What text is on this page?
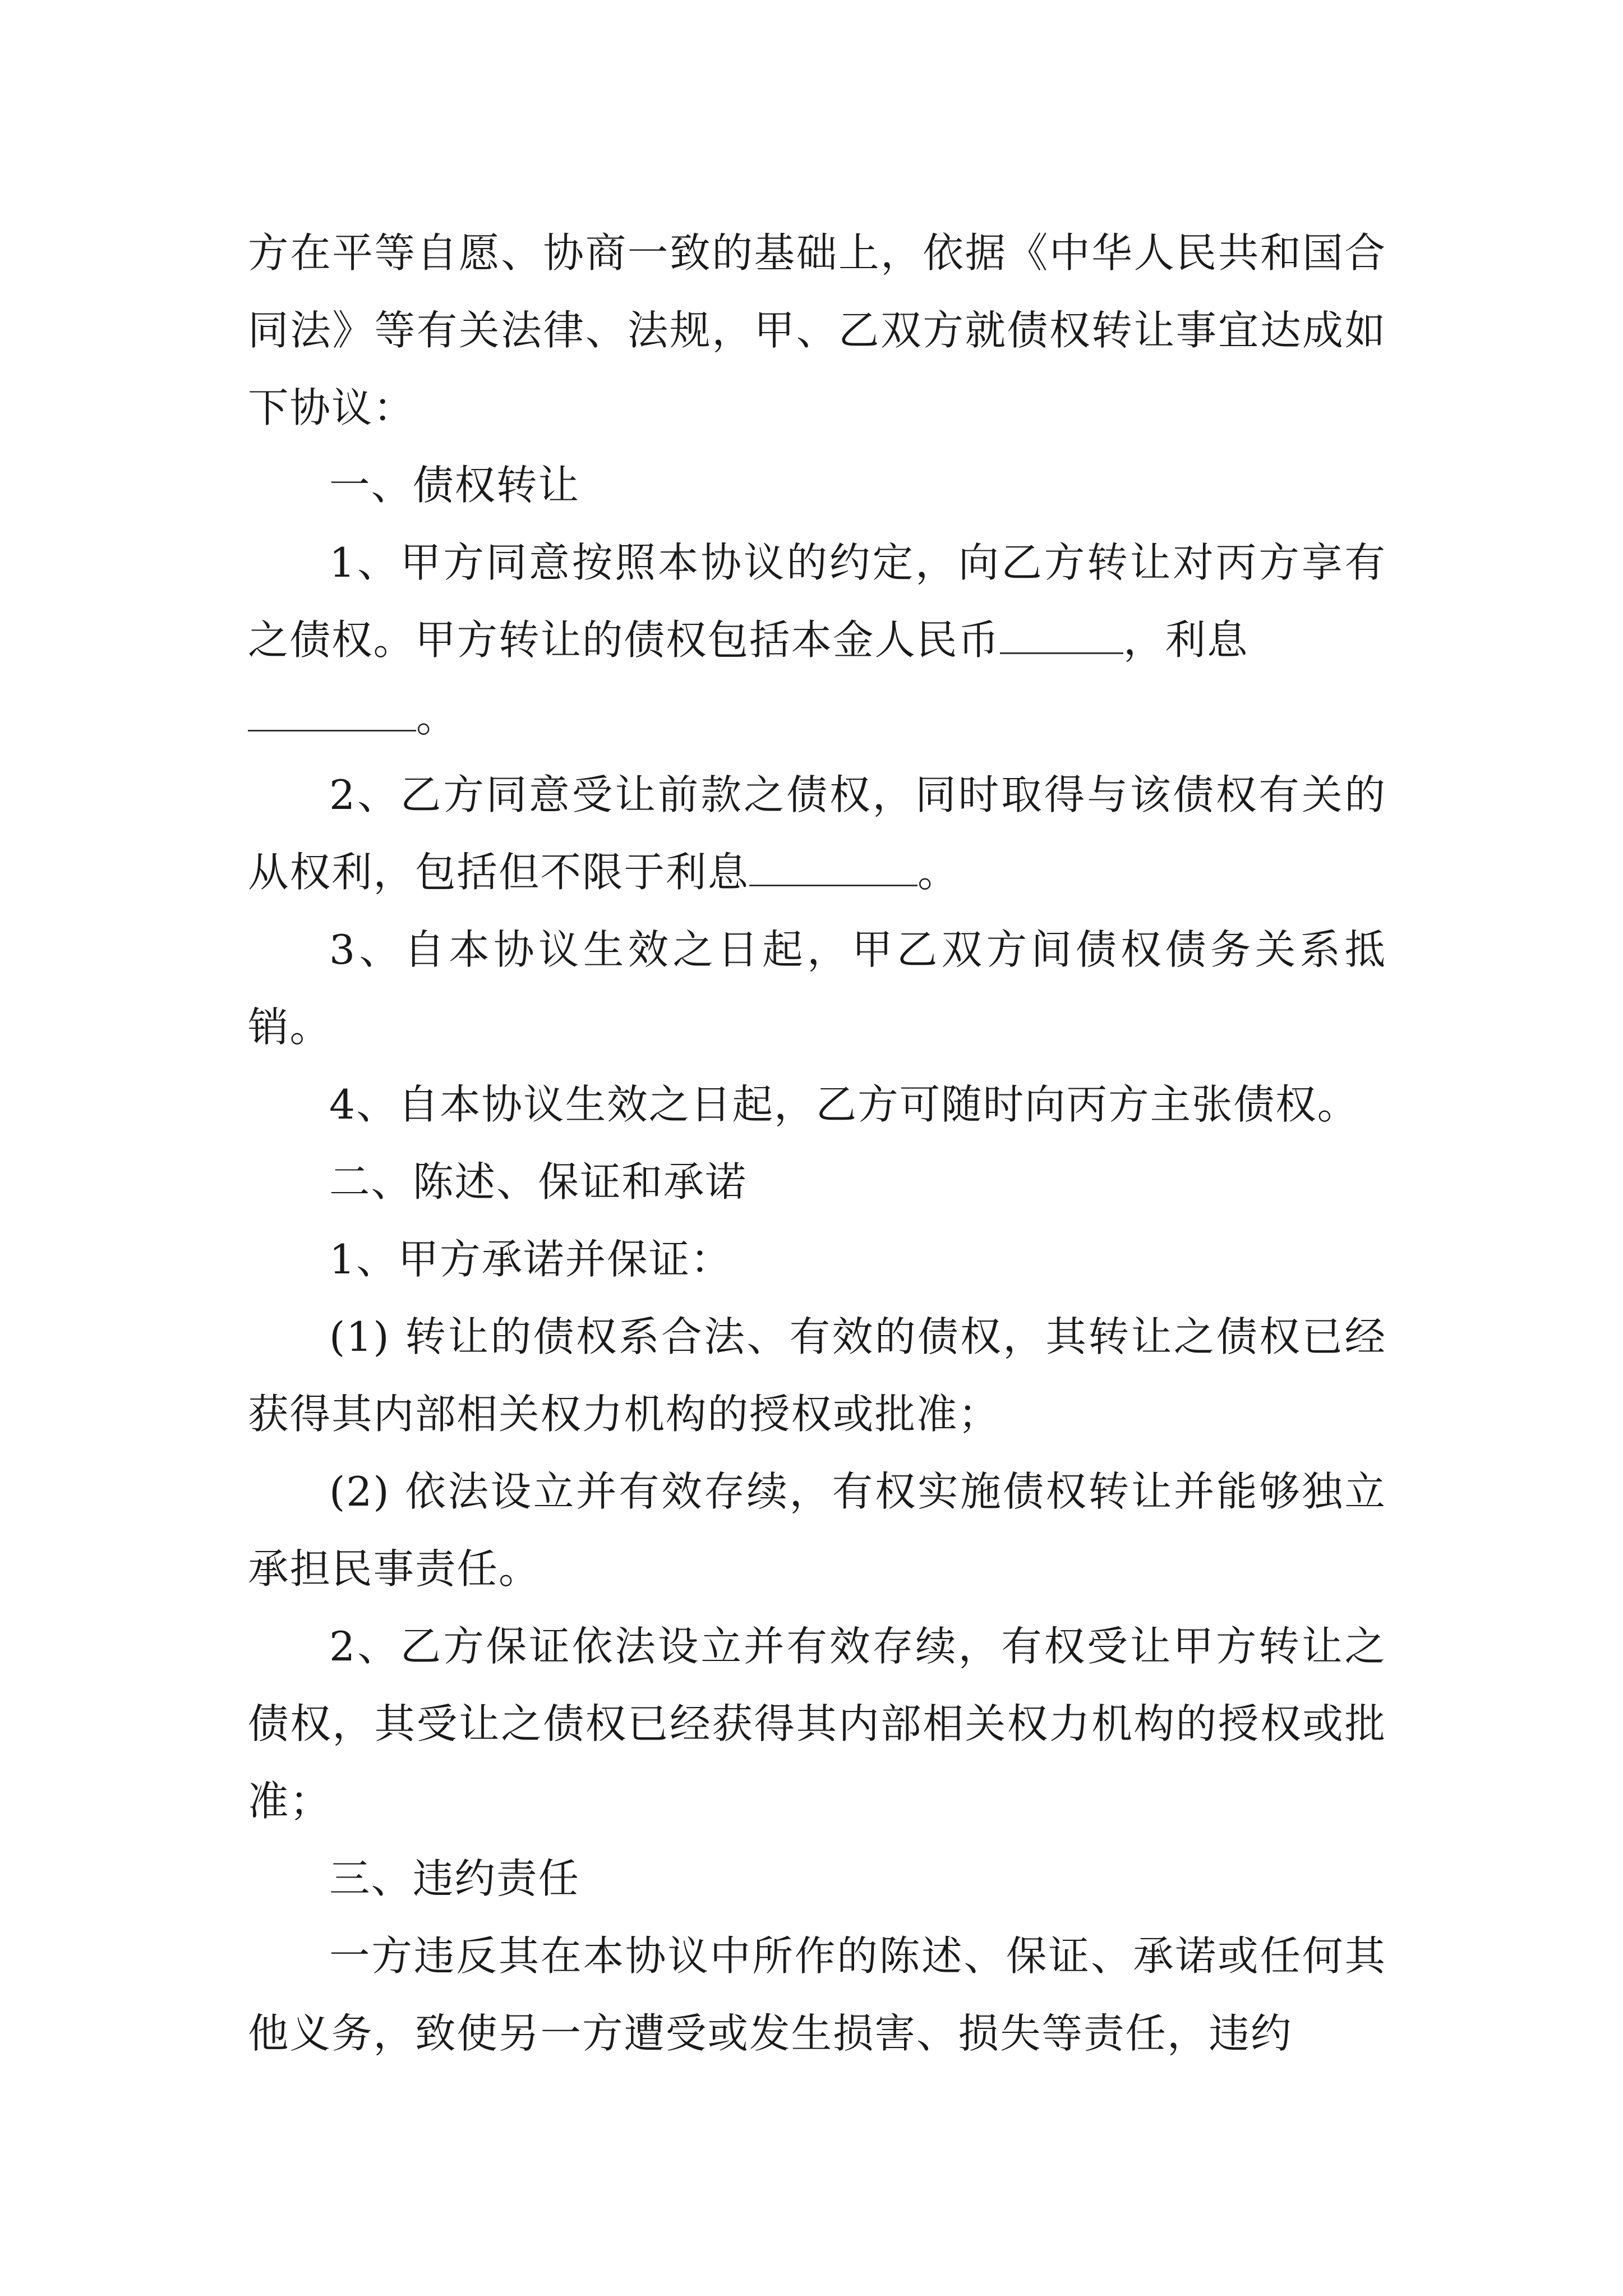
方在平等自愿、协商一致的基础上，依据《中华人民共和国合同法》等有关法律、法规，甲、乙双方就债权转让事宜达成如下协议：

一、债权转让

1、甲方同意按照本协议的约定，向乙方转让对丙方享有之债权。甲方转让的债权包括本金人民币	，利息
。

2、乙方同意受让前款之债权，同时取得与该债权有关的从权利，包括但不限于利息	。

3、自本协议生效之日起，甲乙双方间债权债务关系抵销。

4、自本协议生效之日起，乙方可随时向丙方主张债权。

二、陈述、保证和承诺

1、甲方承诺并保证：

(1) 转让的债权系合法、有效的债权，其转让之债权已经获得其内部相关权力机构的授权或批准；

(2) 依法设立并有效存续，有权实施债权转让并能够独立承担民事责任。

2、乙方保证依法设立并有效存续，有权受让甲方转让之债权，其受让之债权已经获得其内部相关权力机构的授权或批准；

三、违约责任

一方违反其在本协议中所作的陈述、保证、承诺或任何其他义务，致使另一方遭受或发生损害、损失等责任，违约
